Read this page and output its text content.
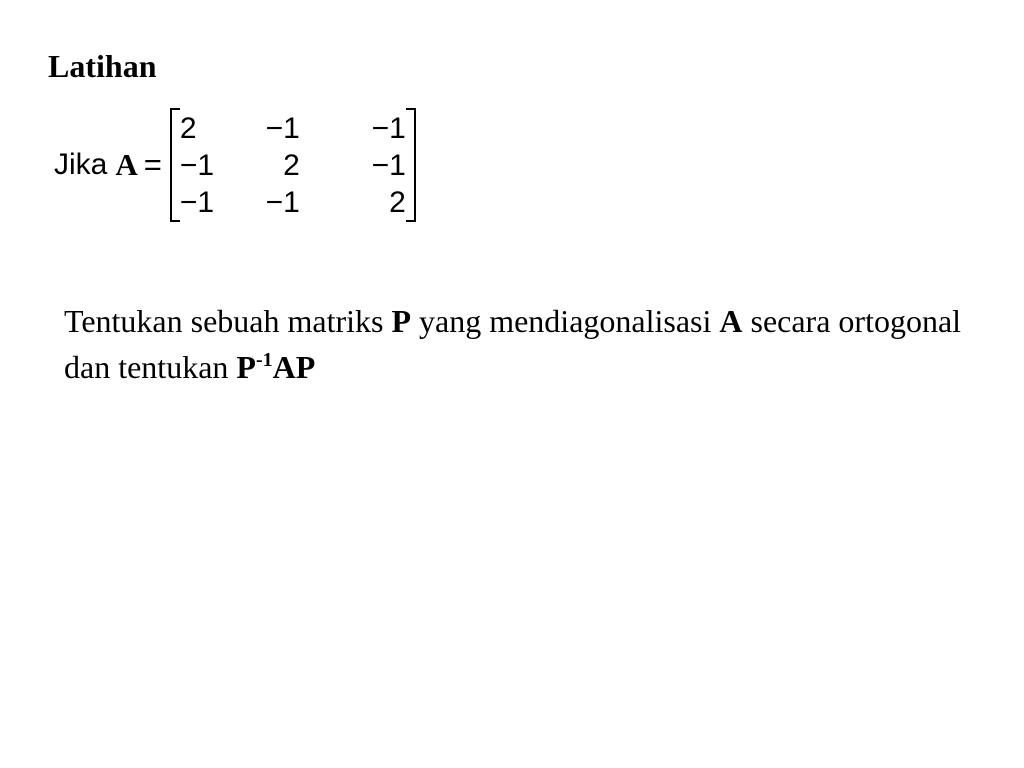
Latihan
Jika A =
2	−1	−1
−1	2	−1
−1	−1	2

Tentukan sebuah matriks P yang mendiagonalisasi A secara ortogonal dan tentukan $P^{-1}AP$
